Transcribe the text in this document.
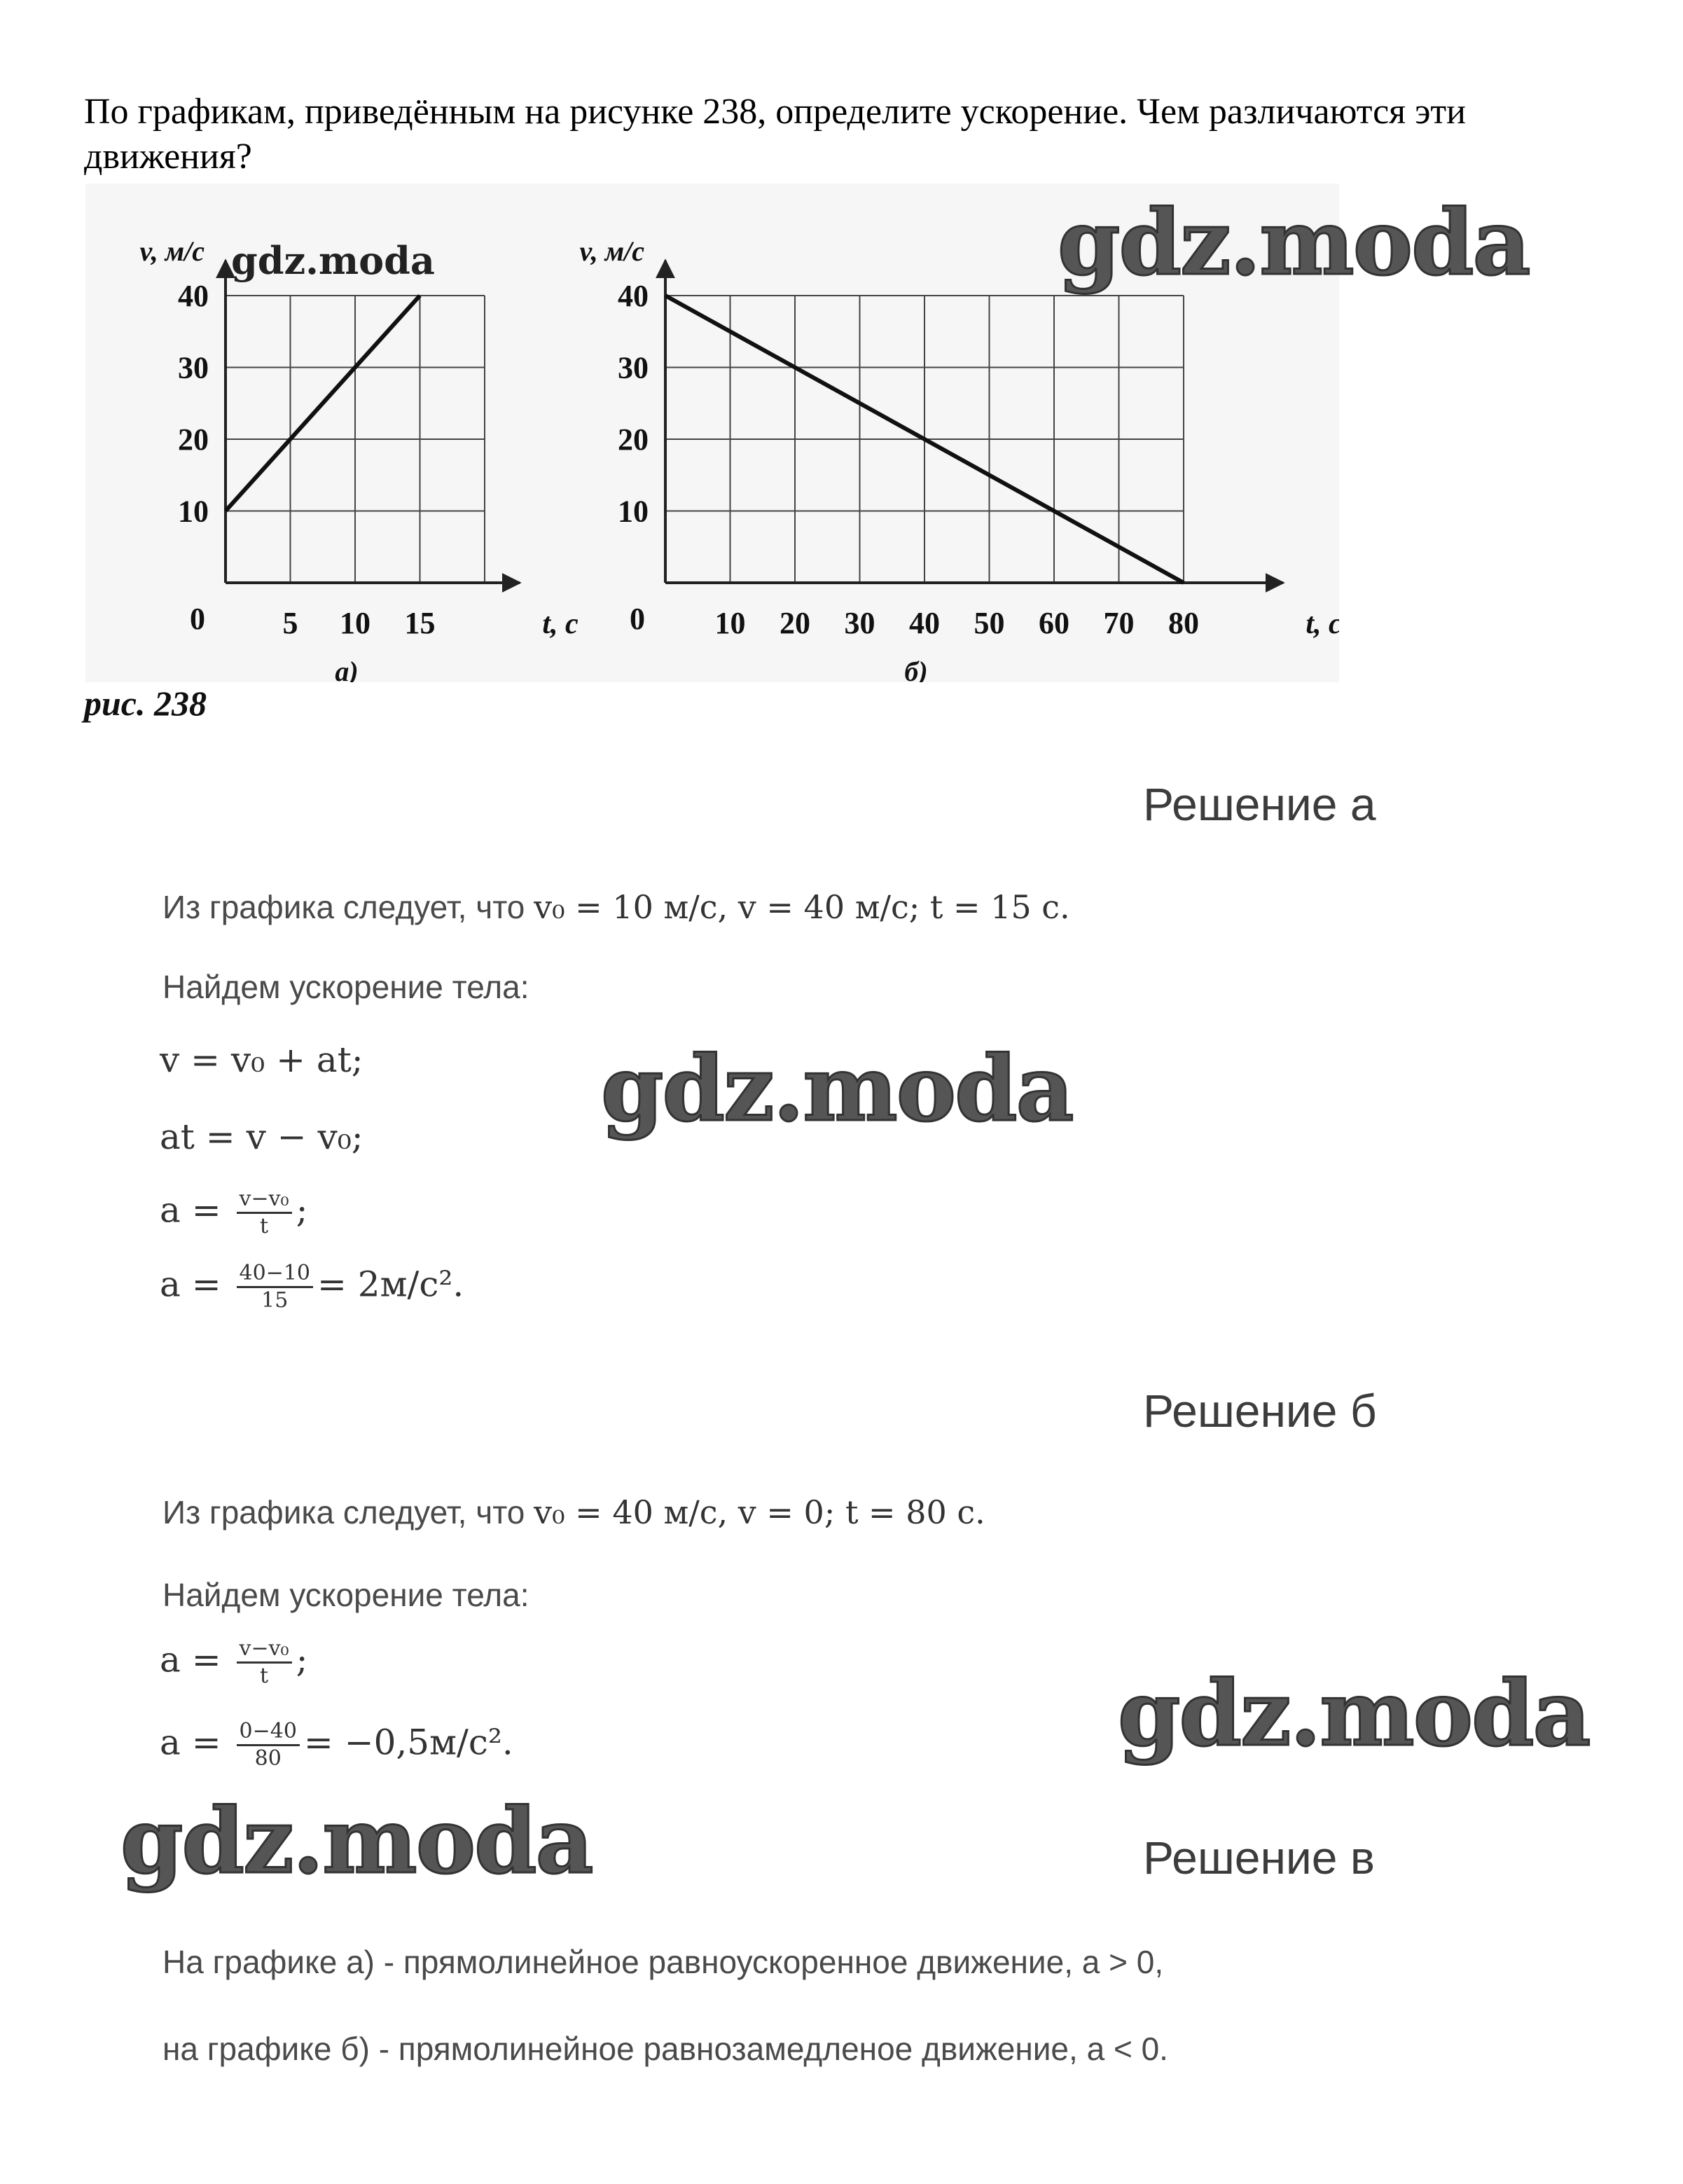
По графикам, приведённым на рисунке 238, определите ускорение. Чем различаются эти движения?
10
20
30
40
5 10 15
0
v, м/с
t, с
а)
10
20
30
40
10 20 30 40 50 60 70 80
0
v, м/с
t, с
б)
gdz.moda	gdz.moda
рис. 238
Решение а
Из графика следует, что v₀ = 10 м/с, v = 40 м/с; t = 15 с.
Найдем ускорение тела:
v = v₀ + at;
at = v − v₀;
$a = \frac{\text{v−v₀}}{t}$ ;
$a = \frac{40-10}{15} = 2м/с^2$.
gdz.moda
Решение б
Из графика следует, что v₀ = 40 м/с, v = 0; t = 80 с.
Найдем ускорение тела:
$a = \frac{\text{v−v₀}}{t}$ ;
$a = \frac{0-40}{80} = -0,5м/с^2$.	gdz.moda
gdz.moda	Решение в
На графике а) - прямолинейное равноускоренное движение, a > 0,
на графике б) - прямолинейное равнозамедленое движение, a < 0.
